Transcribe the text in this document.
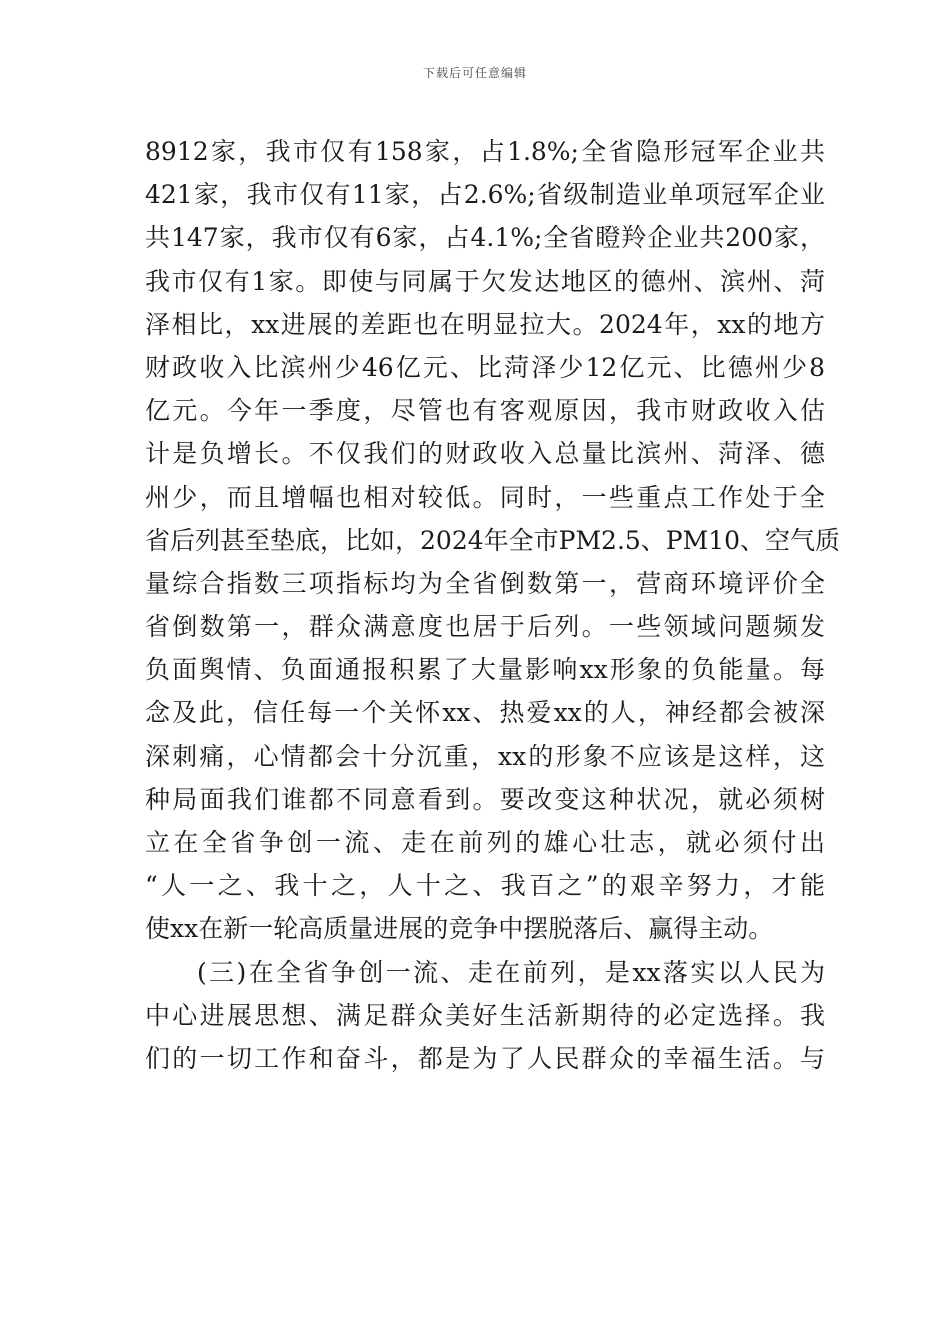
下载后可任意编辑
8912家，我市仅有158家，占1.8%;全省隐形冠军企业共
421家，我市仅有11家，占2.6%;省级制造业单项冠军企业
共147家，我市仅有6家，占4.1%;全省瞪羚企业共200家，
我市仅有1家。即使与同属于欠发达地区的德州、滨州、菏
泽相比，xx进展的差距也在明显拉大。2024年，xx的地方
财政收入比滨州少46亿元、比菏泽少12亿元、比德州少8
亿元。今年一季度，尽管也有客观原因，我市财政收入估
计是负增长。不仅我们的财政收入总量比滨州、菏泽、德
州少，而且增幅也相对较低。同时，一些重点工作处于全
省后列甚至垫底，比如，2024年全市PM2.5、PM10、空气质
量综合指数三项指标均为全省倒数第一，营商环境评价全
省倒数第一，群众满意度也居于后列。一些领域问题频发
负面舆情、负面通报积累了大量影响xx形象的负能量。每
念及此，信任每一个关怀xx、热爱xx的人，神经都会被深
深刺痛，心情都会十分沉重，xx的形象不应该是这样，这
种局面我们谁都不同意看到。要改变这种状况，就必须树
立在全省争创一流、走在前列的雄心壮志，就必须付出
“人一之、我十之，人十之、我百之”的艰辛努力，才能
使xx在新一轮高质量进展的竞争中摆脱落后、赢得主动。
(三)在全省争创一流、走在前列，是xx落实以人民为
中心进展思想、满足群众美好生活新期待的必定选择。我
们的一切工作和奋斗，都是为了人民群众的幸福生活。与
